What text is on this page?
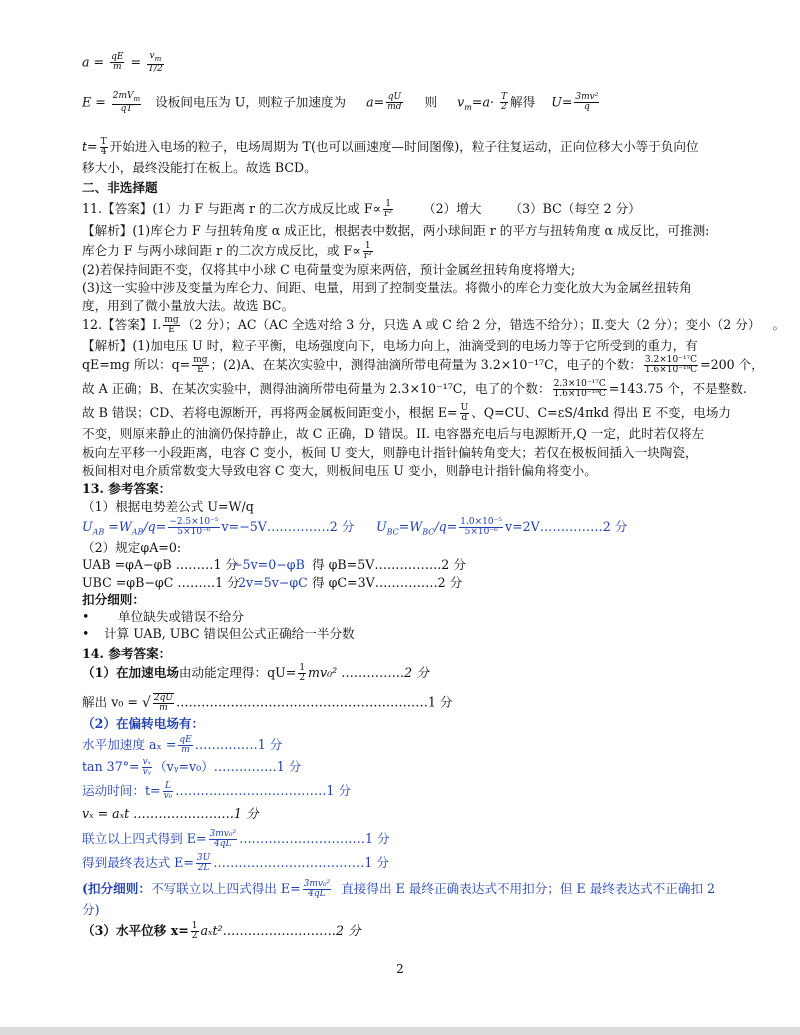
$a = \frac{qE}{m} = \frac{v_m}{T/2}$
$E = \frac{2mV_m}{qT}$ 设板间电压为 U，则粒子加速度为 $a= \frac{qU}{md}$ 则 $v_m=a\cdot \frac{T}{2}$ 解得 $U= \frac{\text{3mv²}}{q}$
$t= \frac{T}{4}$ 开始进入电场的粒子，电场周期为 T(也可以画速度—时间图像)，粒子往复运动，正向位移大小等于负向位
移大小，最终没能打在板上。故选 BCD。
二、非选择题
11.【答案】(1）力 F 与距离 r 的二次方成反比或 $F\propto \frac{1}{\text{r²}} (2)$增大 （3）BC（每空 2 分）
【解析】(1)库仑力 F 与扭转角度 α 成正比，根据表中数据，两小球间距 r 的平方与扭转角度 α 成反比，可推测:
库仑力 F 与两小球间距 r 的二次方成反比，或 $F\propto \frac{1}{\text{r²}}$
(2)若保持间距不变，仅将其中小球 C 电荷量变为原来两倍，预计金属丝扭转角度将增大;
(3)这一实验中涉及变量为库仑力、间距、电量，用到了控制变量法。将微小的库仑力变化放大为金属丝扭转角
度，用到了微小量放大法。故选 BC。
12.【答案】Ⅰ. $\frac{mg}{E} (2$ 分）；AC（AC 全选对给 3 分，只选 A 或 C 给 2 分，错选不给分）；Ⅱ.变大（2 分）；变小（2 分） 。
【解析】(1)加电压 U 时，粒子平衡，电场强度向下，电场力向上，油滴受到的电场力等于它所受到的重力，有
qE=mg 所以：$q= \frac{mg}{E}$ ；(2)A、在某次实验中，测得油滴所带电荷量为 3.2×10⁻¹⁷C，电子的个数： $\frac{\text{3.2×10⁻¹⁷C}}{\text{1.6×10⁻¹⁹C}} =200$ 个，
故 A 正确；B、在某次实验中，测得油滴所带电荷量为 2.3×10⁻¹⁷C，电了的个数： $\frac{\text{2.3×10⁻¹⁷C}}{\text{1.6×10⁻¹⁹C}} =143.75$ 个，不是整数.
故 B 错误；CD、若将电源断开，再将两金属板间距变小，根据 $E= \frac{U}{d}$ 、Q=CU、C=εS/4πkd 得出 E 不变，电场力
不变，则原来静止的油滴仍保持静止，故 C 正确，D 错误。II. 电容器充电后与电源断开,Q 一定，此时若仅将左
板向左平移一小段距离，电容 C 变小，板间 U 变大，则静电计指针偏转角变大；若仅在极板间插入一块陶瓷，
板间相对电介质常数变大导致电容 C 变大，则板间电压 U 变小，则静电计指针偏角将变小。
13. 参考答案：
（1）根据电势差公式 U=W/q
$U_{AB} =W_{AB}/q= \frac{\text{−2.5×10⁻⁵}}{\text{5×10⁻⁶}}$ v=−5V……………2 分 $U_{BC}=W_{BC}/q= \frac{\text{1.0×10⁻⁵}}{\text{5×10⁻⁶}}$ v=2V……………2 分
（2）规定φA=0:
UAB =φA−φB ………1 分
−5v=0−φB 得 φB=5V…………….2 分
UBC =φB−φC ………1 分
2v=5v−φC 得 φC=3V……………2 分
扣分细则：
• 单位缺失或错误不给分
• 计算 UAB, UBC 错误但公式正确给一半分数
14. 参考答案：
（1）在加速电场由动能定理得：$qU= \frac{1}{2} mv_0^2$ ……………2 分
解出 v₀ = √ $\frac{2qU}{m}$ ……………………………………………………1 分
（2）在偏转电场有：
水平加速度 $a_x = \frac{qE}{m}$ ……………1 分
$\tan 37^\circ= \frac{\text{vₓ}}{\text{vᵧ}}$ （vᵧ=v₀）……………1 分
运动时间：$t= \frac{L}{\text{v₀}}$ ………………………………1 分
vₓ = aₓt ……………………1 分
联立以上四式得到 $E= \frac{\text{3mv₀²}}{4qL}$ …………………………1 分
得到最终表达式 $E= \frac{3U}{2L}$ ………………………………1 分
(扣分细则：不写联立以上四式得出 $E= \frac{\text{3mv₀²}}{4qL}$ 直接得出 E 最终正确表达式不用扣分；但 E 最终表达式不正确扣 2
分)
（3）水平位移 $x= \frac{1}{2}$ aₓt²………………………2 分
2
